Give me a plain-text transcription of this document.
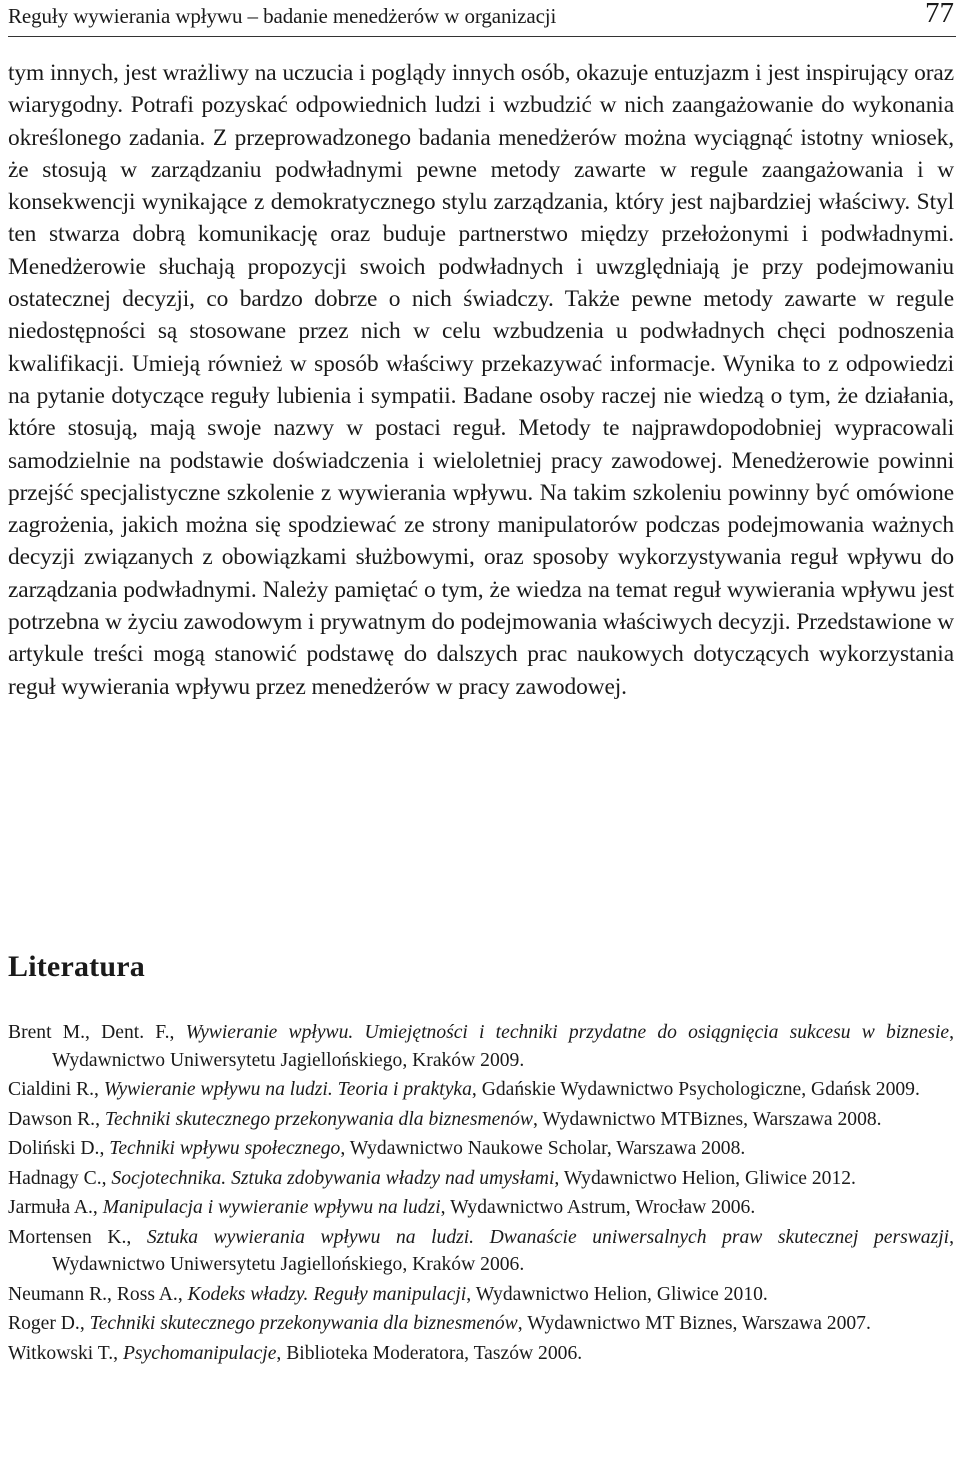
Reguły wywierania wpływu – badanie menedżerów w organizacji	77

tym innych, jest wrażliwy na uczucia i poglądy innych osób, okazuje entuzjazm i jest inspirujący oraz wiarygodny. Potrafi pozyskać odpowiednich ludzi i wzbudzić w nich zaangażowanie do wykonania określonego zadania. Z przeprowadzonego badania menedżerów można wyciągnąć istotny wniosek, że stosują w zarządzaniu podwładnymi pewne metody zawarte w regule zaangażowania i w konsekwencji wynikające z demokratycznego stylu zarządzania, który jest najbardziej właściwy. Styl ten stwarza dobrą komunikację oraz buduje partnerstwo między przełożonymi i podwładnymi. Menedżerowie słuchają propozycji swoich podwładnych i uwzględniają je przy podejmowaniu ostatecznej decyzji, co bardzo dobrze o nich świadczy. Także pewne metody zawarte w regule niedostępności są stosowane przez nich w celu wzbudzenia u podwładnych chęci podnoszenia kwalifikacji. Umieją również w sposób właściwy przekazywać informacje. Wynika to z odpowiedzi na pytanie dotyczące reguły lubienia i sympatii. Badane osoby raczej nie wiedzą o tym, że działania, które stosują, mają swoje nazwy w postaci reguł. Metody te najprawdopodobniej wypracowali samodzielnie na podstawie doświadczenia i wieloletniej pracy zawodowej. Menedżerowie powinni przejść specjalistyczne szkolenie z wywierania wpływu. Na takim szkoleniu powinny być omówione zagrożenia, jakich można się spodziewać ze strony manipulatorów podczas podejmowania ważnych decyzji związanych z obowiązkami służbowymi, oraz sposoby wykorzystywania reguł wpływu do zarządzania podwładnymi. Należy pamiętać o tym, że wiedza na temat reguł wywierania wpływu jest potrzebna w życiu zawodowym i prywatnym do podejmowania właściwych decyzji. Przedstawione w artykule treści mogą stanowić podstawę do dalszych prac naukowych dotyczących wykorzystania reguł wywierania wpływu przez menedżerów w pracy zawodowej.

Literatura
Brent M., Dent. F., Wywieranie wpływu. Umiejętności i techniki przydatne do osiągnięcia sukcesu w biznesie, Wydawnictwo Uniwersytetu Jagiellońskiego, Kraków 2009.
Cialdini R., Wywieranie wpływu na ludzi. Teoria i praktyka, Gdańskie Wydawnictwo Psychologiczne, Gdańsk 2009.
Dawson R., Techniki skutecznego przekonywania dla biznesmenów, Wydawnictwo MTBiznes, Warszawa 2008.
Doliński D., Techniki wpływu społecznego, Wydawnictwo Naukowe Scholar, Warszawa 2008.
Hadnagy C., Socjotechnika. Sztuka zdobywania władzy nad umysłami, Wydawnictwo Helion, Gliwice 2012.
Jarmuła A., Manipulacja i wywieranie wpływu na ludzi, Wydawnictwo Astrum, Wrocław 2006.
Mortensen K., Sztuka wywierania wpływu na ludzi. Dwanaście uniwersalnych praw skutecznej perswazji, Wydawnictwo Uniwersytetu Jagiellońskiego, Kraków 2006.
Neumann R., Ross A., Kodeks władzy. Reguły manipulacji, Wydawnictwo Helion, Gliwice 2010.
Roger D., Techniki skutecznego przekonywania dla biznesmenów, Wydawnictwo MT Biznes, Warszawa 2007.
Witkowski T., Psychomanipulacje, Biblioteka Moderatora, Taszów 2006.
